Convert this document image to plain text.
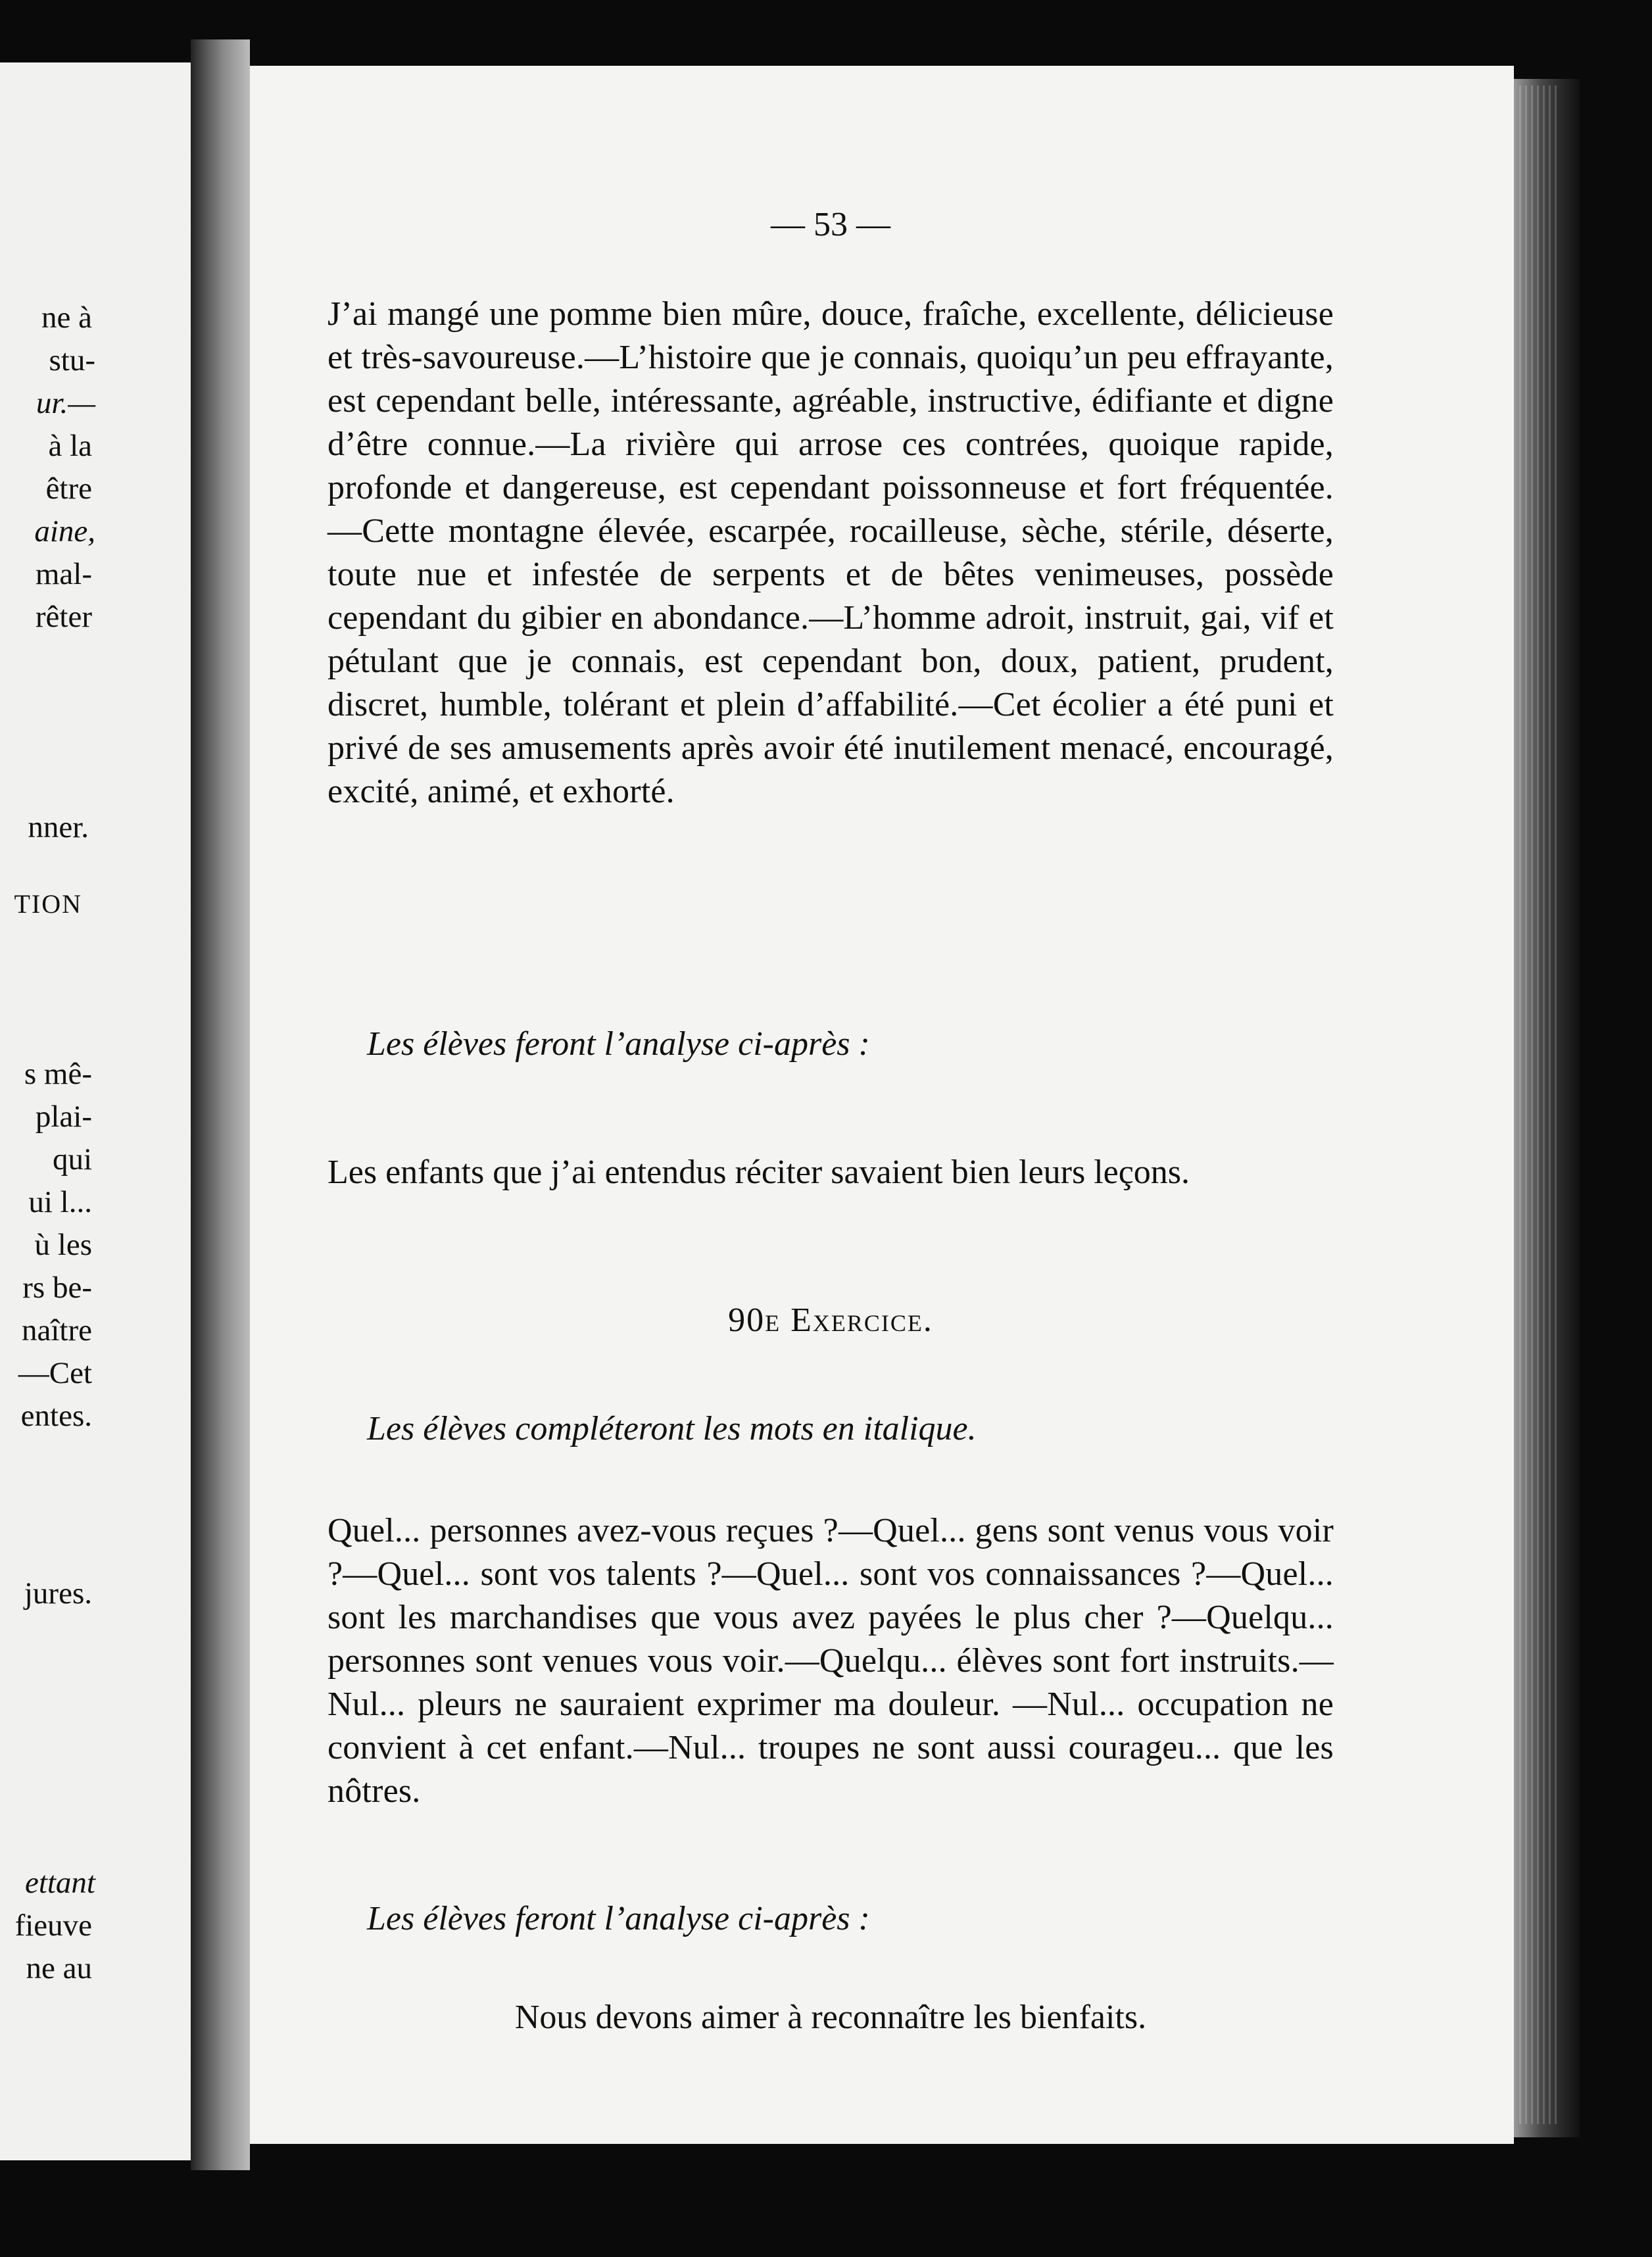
ne à
stu-
ur.—
à la
être
aine,
mal-
rêter
nner.
TION
s mê-
plai-
qui
ui l...
ù les
rs be-
naître
—Cet
entes.
jures.
ettant
fieuve
ne au
— 53 —
J’ai mangé une pomme bien mûre, douce, fraîche, excellente, délicieuse et très-savoureuse.—L’histoire que je connais, quoiqu’un peu effrayante, est cependant belle, intéressante, agréable, instructive, édifiante et digne d’être connue.—La rivière qui arrose ces contrées, quoique rapide, profonde et dangereuse, est cependant poissonneuse et fort fréquentée.—Cette montagne élevée, escarpée, rocailleuse, sèche, stérile, déserte, toute nue et infestée de serpents et de bêtes venimeuses, possède cependant du gibier en abondance.—L’homme adroit, instruit, gai, vif et pétulant que je connais, est cependant bon, doux, patient, prudent, discret, humble, tolérant et plein d’affabilité.—Cet écolier a été puni et privé de ses amusements après avoir été inutilement menacé, encouragé, excité, animé, et exhorté.
Les élèves feront l’analyse ci-après :
Les enfants que j’ai entendus réciter savaient bien leurs leçons.
90e Exercice.
Les élèves compléteront les mots en italique.
Quel... personnes avez-vous reçues ?—Quel... gens sont venus vous voir ?—Quel... sont vos talents ?—Quel... sont vos connaissances ?—Quel... sont les marchandises que vous avez payées le plus cher ?—Quelqu... personnes sont venues vous voir.—Quelqu... élèves sont fort instruits.—Nul... pleurs ne sauraient exprimer ma douleur. —Nul... occupation ne convient à cet enfant.—Nul... troupes ne sont aussi courageu... que les nôtres.
Les élèves feront l’analyse ci-après :
Nous devons aimer à reconnaître les bienfaits.
